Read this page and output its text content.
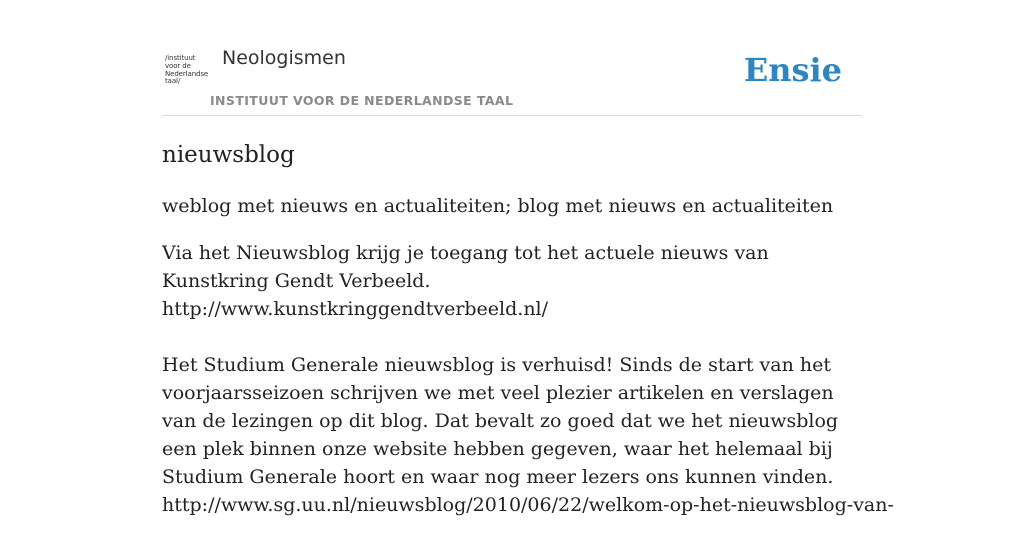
/instituut
voor de
Nederlandse
taal/
Neologismen
INSTITUUT VOOR DE NEDERLANDSE TAAL
Ensie
nieuwsblog
weblog met nieuws en actualiteiten; blog met nieuws en actualiteiten
Via het Nieuwsblog krijg je toegang tot het actuele nieuws van Kunstkring Gendt Verbeeld.
http://www.kunstkringgendtverbeeld.nl/
Het Studium Generale nieuwsblog is verhuisd! Sinds de start van het voorjaarsseizoen schrijven we met veel plezier artikelen en verslagen van de lezingen op dit blog. Dat bevalt zo goed dat we het nieuwsblog een plek binnen onze website hebben gegeven, waar het helemaal bij Studium Generale hoort en waar nog meer lezers ons kunnen vinden.
http://www.sg.uu.nl/nieuwsblog/2010/06/22/welkom-op-het-nieuwsblog-van-
